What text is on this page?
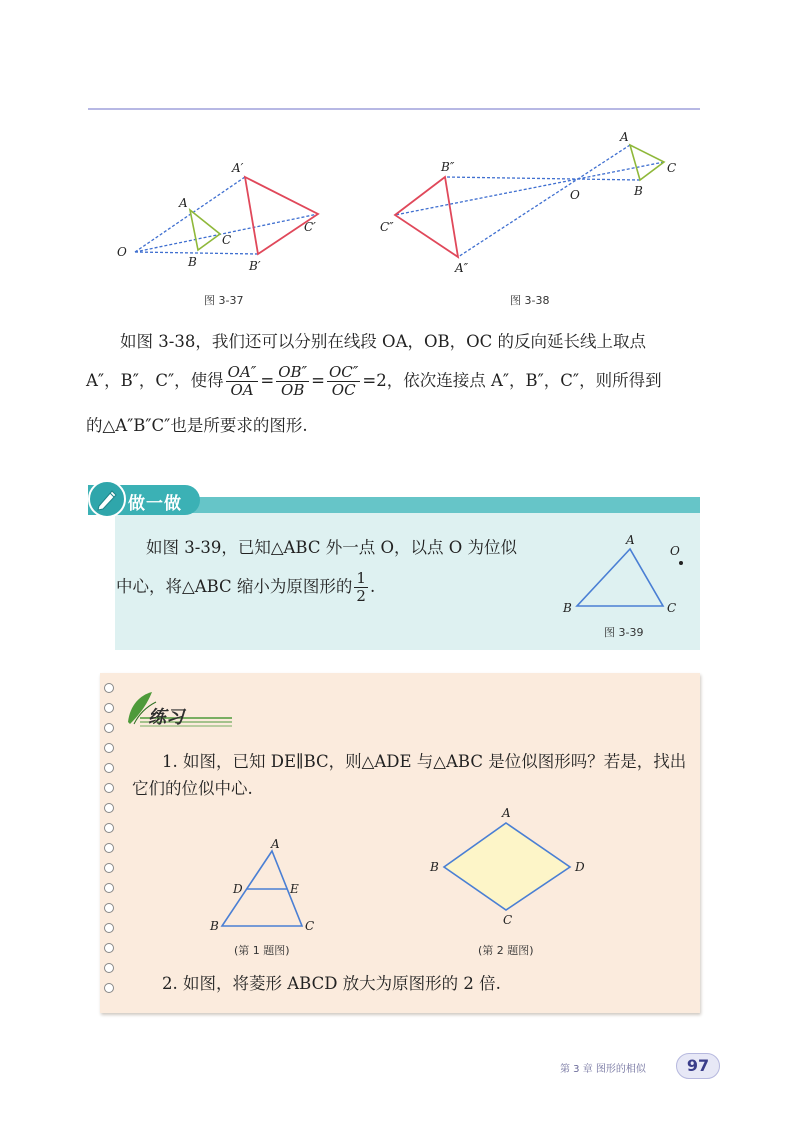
O
A
B
C
A′
B′
C′
O
A
B
C
B″
C″
A″
图 3-37	图 3-38
如图 3-38，我们还可以分别在线段 OA，OB，OC 的反向延长线上取点
A″，B″，C″，使得 $\frac{OA''}{OA} = \frac{OB''}{OB} = \frac{OC''}{OC} =2$，依次连接点 A″，B″，C″，则所得到
的△A″B″C″也是所要求的图形.
做一做
如图 3-39，已知△ABC 外一点 O，以点 O 为位似
中心，将△ABC 缩小为原图形的 $\frac{1}{2}$ .
A
B	C
O
图 3-39
练习
1. 如图，已知 DE∥BC，则△ADE 与△ABC 是位似图形吗？若是，找出
它们的位似中心.
A
D	E
B	C
A
B
C
D
(第 1 题图)	(第 2 题图)
2. 如图，将菱形 ABCD 放大为原图形的 2 倍.
第 3 章 图形的相似	97
